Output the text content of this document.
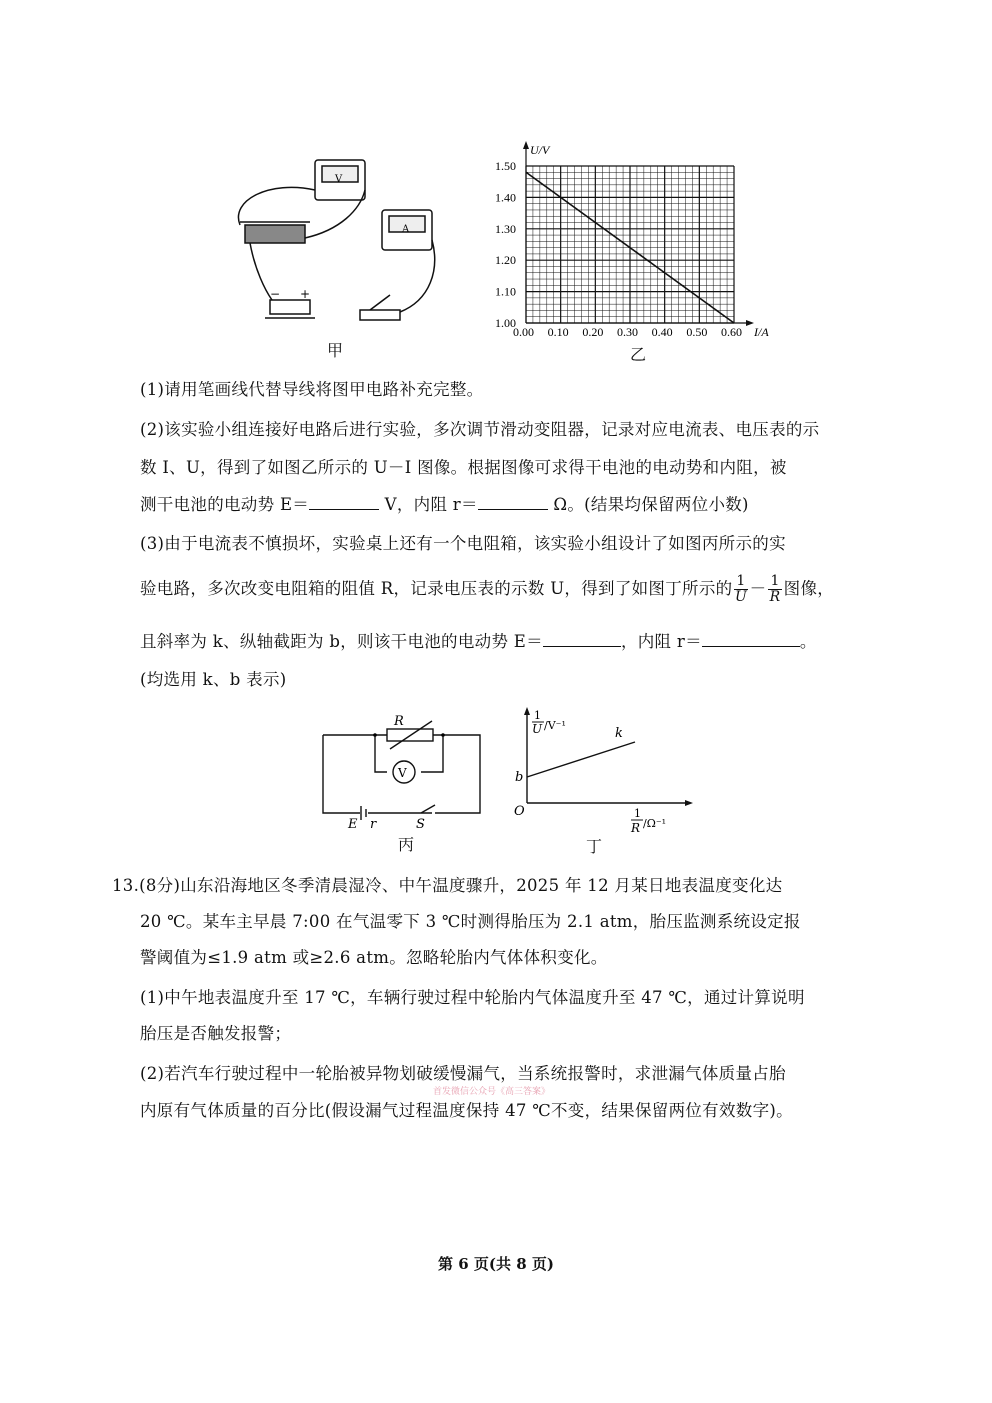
V
A
+
−
甲
0.00 0.10 0.20 0.30 0.40 0.50 0.60
1.00
1.10
1.20
1.30
1.40
1.50
I/A
U/V
乙
(1)请用笔画线代替导线将图甲电路补充完整。
(2)该实验小组连接好电路后进行实验，多次调节滑动变阻器，记录对应电流表、电压表的示
数 I、U，得到了如图乙所示的 U－I 图像。根据图像可求得干电池的电动势和内阻，被
测干电池的电动势 E＝	V，内阻 r＝	Ω。(结果均保留两位小数)
(3)由于电流表不慎损坏，实验桌上还有一个电阻箱，该实验小组设计了如图丙所示的实
验电路，多次改变电阻箱的阻值 R，记录电压表的示数 U，得到了如图丁所示的 $\frac{1}{U} - \frac{1}{R}$ 图像，
且斜率为 k、纵轴截距为 b，则该干电池的电动势 E＝	，内阻 r＝	。
(均选用 k、b 表示)
V
R
E r	S
丙
1
U /V⁻¹
k
b
O	1
R /Ω⁻¹
丁
13.(8分)山东沿海地区冬季清晨湿冷、中午温度骤升，2025 年 12 月某日地表温度变化达
20 ℃。某车主早晨 7:00 在气温零下 3 ℃时测得胎压为 2.1 atm，胎压监测系统设定报
警阈值为≤1.9 atm 或≥2.6 atm。忽略轮胎内气体体积变化。
(1)中午地表温度升至 17 ℃，车辆行驶过程中轮胎内气体温度升至 47 ℃，通过计算说明
胎压是否触发报警；
(2)若汽车行驶过程中一轮胎被异物划破缓慢漏气，当系统报警时，求泄漏气体质量占胎
内原有气体质量的百分比(假设漏气过程温度保持 47 ℃不变，结果保留两位有效数字)。
首发微信公众号《高三答案》
第 6 页(共 8 页)
